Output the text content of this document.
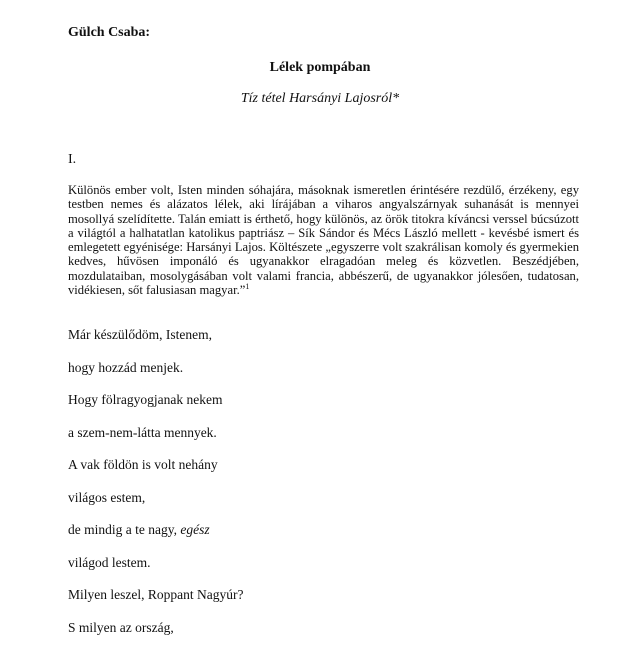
Gülch Csaba:

Lélek pompában

Tíz tétel Harsányi Lajosról*

I.

Különös ember volt, Isten minden sóhajára, másoknak ismeretlen érintésére rezdülő, érzékeny, egy testben nemes és alázatos lélek, aki lírájában a viharos angyalszárnyak suhanását is mennyei mosollyá szelídítette. Talán emiatt is érthető, hogy különös, az örök titokra kíváncsi verssel búcsúzott a világtól a halhatatlan katolikus paptriász – Sík Sándor és Mécs László mellett - kevésbé ismert és emlegetett egyénisége: Harsányi Lajos. Költészete „egyszerre volt szakrálisan komoly és gyermekien kedves, hűvösen imponáló és ugyanakkor elragadóan meleg és közvetlen. Beszédjében, mozdulataiban, mosolygásában volt valami francia, abbészerű, de ugyanakkor jólesően, tudatosan, vidékiesen, sőt falusiasan magyar.”$^1$

Már készülődöm, Istenem,
hogy hozzád menjek.
Hogy fölragyogjanak nekem
a szem-nem-látta mennyek.
A vak földön is volt nehány
világos estem,
de mindig a te nagy, egész
világod lestem.
Milyen leszel, Roppant Nagyúr?
S milyen az ország,
